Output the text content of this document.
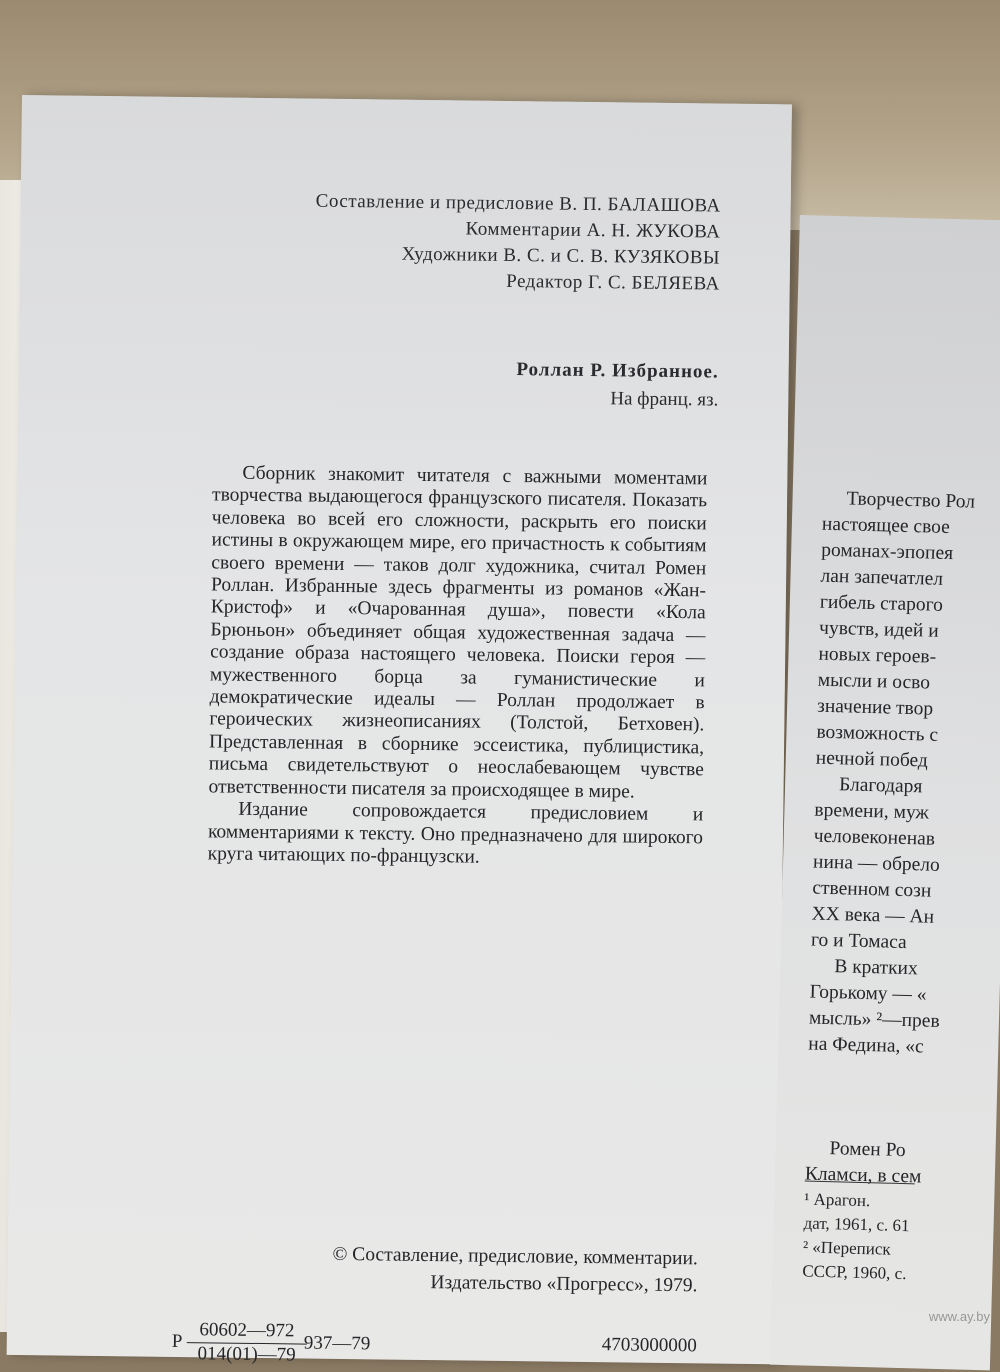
Составление и предисловие В. П. БАЛАШОВА
Комментарии А. Н. ЖУКОВА
Художники В. С. и С. В. КУЗЯКОВЫ
Редактор Г. С. БЕЛЯЕВА
Роллан Р. Избранное.
На франц. яз.

Сборник знакомит читателя с важными моментами творчества выдающегося французского писателя. Показать человека во всей его сложности, раскрыть его поиски истины в окружающем мире, его причастность к событиям своего времени — таков долг художника, считал Ромен Роллан. Избранные здесь фрагменты из романов «Жан-Кристоф» и «Очарованная душа», повести «Кола Брюньон» объединяет общая художественная задача — создание образа настоящего человека. Поиски героя — мужественного борца за гуманистические и демократические идеалы — Роллан продолжает в героических жизнеописаниях (Толстой, Бетховен). Представленная в сборнике эссеистика, публицистика, письма свидетельствуют о неослабевающем чувстве ответственности писателя за происходящее в мире.

Издание сопровождается предисловием и комментариями к тексту. Оно предназначено для широкого круга читающих по-французски.

© Составление, предисловие, комментарии.
Издательство «Прогресс», 1979.
Р $\frac{60602—972}{014(01)—79}$
937—79	4703000000
Творчество Рол
настоящее свое
романах-эпопея
лан запечатлел
гибель старого
чувств, идей и
новых героев-
мысли и осво
значение твор
возможность с
нечной побед
Благодаря
времени, муж
человеконенав
нина — обрело
ственном созн
XX века — Ан
го и Томаса
В кратких
Горькому — «
мысль» ²—прев
на Федина, «с
Ромен Ро
Кламси, в сем
¹ Арагон.
дат, 1961, с. 61
² «Переписк
СССР, 1960, с.
www.ay.by
